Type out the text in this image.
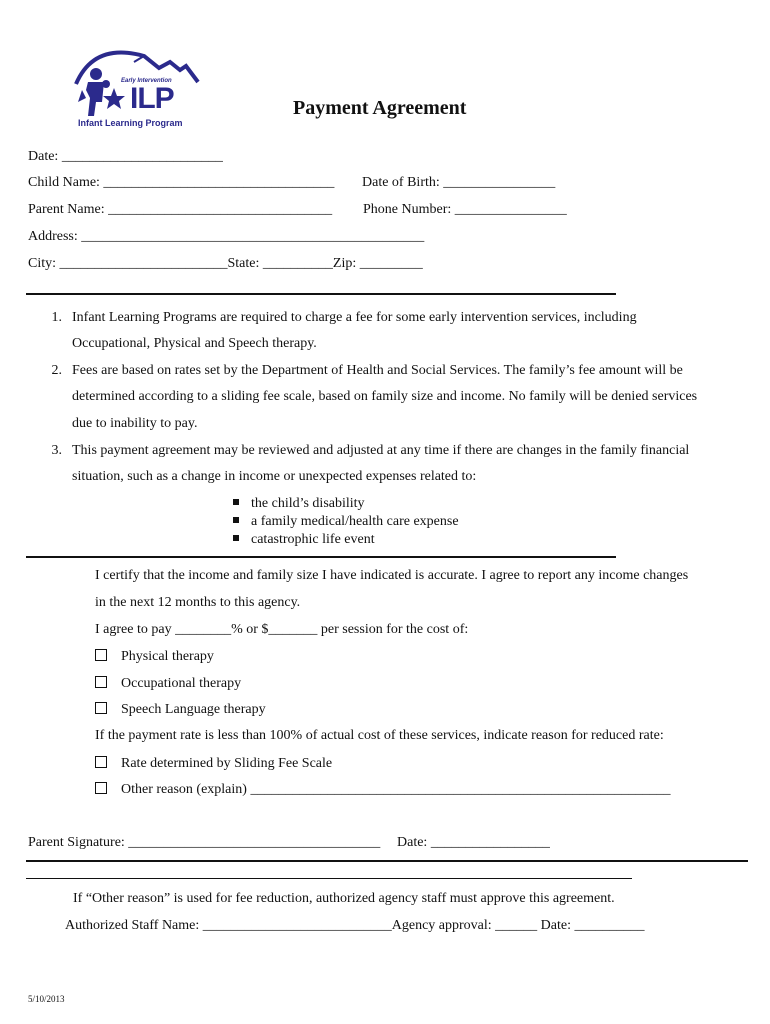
Early Intervention
ILP
Infant Learning Program
Payment Agreement
Date: _______________________
Child Name: _________________________________ Date of Birth: ________________
Parent Name: ________________________________ Phone Number: ________________
Address: _________________________________________________
City: ________________________State: __________Zip: _________
1. Infant Learning Programs are required to charge a fee for some early intervention services, including
Occupational, Physical and Speech therapy.
2. Fees are based on rates set by the Department of Health and Social Services. The family’s fee amount will be
determined according to a sliding fee scale, based on family size and income. No family will be denied services
due to inability to pay.
3. This payment agreement may be reviewed and adjusted at any time if there are changes in the family financial
situation, such as a change in income or unexpected expenses related to:
the child’s disability
a family medical/health care expense
catastrophic life event
I certify that the income and family size I have indicated is accurate. I agree to report any income changes
in the next 12 months to this agency.
I agree to pay ________% or $_______ per session for the cost of:
Physical therapy
Occupational therapy
Speech Language therapy
If the payment rate is less than 100% of actual cost of these services, indicate reason for reduced rate:
Rate determined by Sliding Fee Scale
Other reason (explain) ____________________________________________________________
Parent Signature: ____________________________________ Date: _________________
If “Other reason” is used for fee reduction, authorized agency staff must approve this agreement.
Authorized Staff Name: ___________________________Agency approval: ______ Date: __________
5/10/2013
